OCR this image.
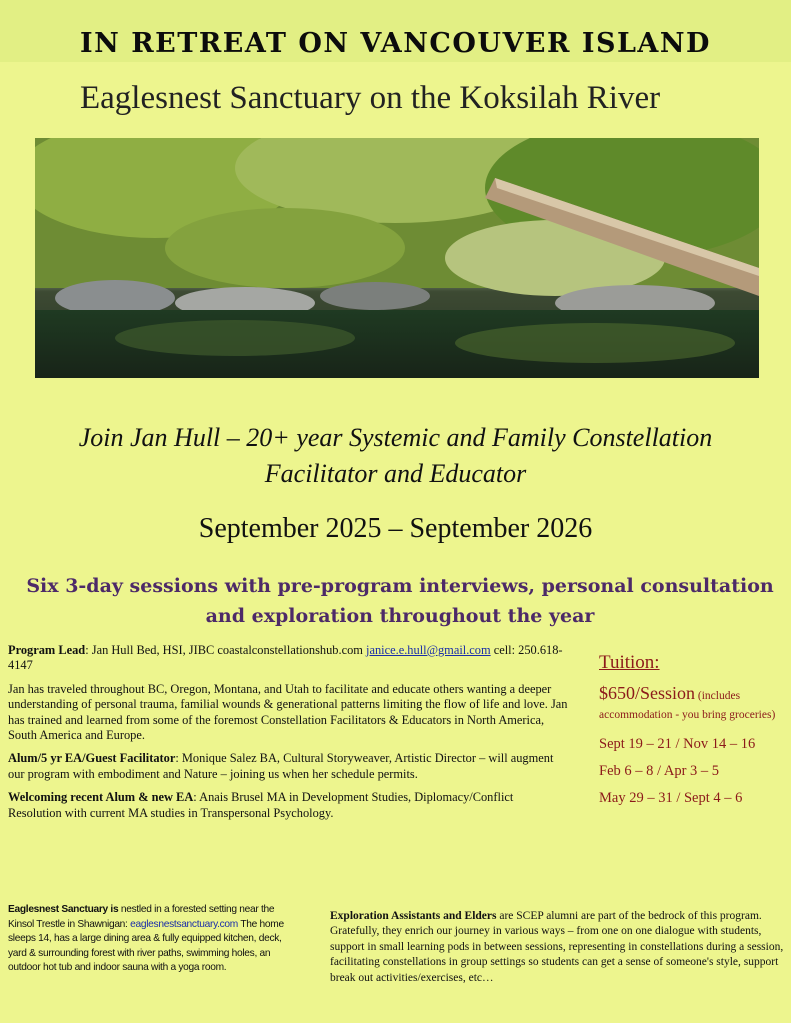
IN RETREAT ON VANCOUVER ISLAND
Eaglesnest Sanctuary on the Koksilah River
Join Jan Hull – 20+ year Systemic and Family Constellation
Facilitator and Educator
September 2025 – September 2026
Six 3-day sessions with pre-program interviews, personal consultation
and exploration throughout the year

Program Lead: Jan Hull Bed, HSI, JIBC coastalconstellationshub.com janice.e.hull@gmail.com cell: 250.618-4147

Jan has traveled throughout BC, Oregon, Montana, and Utah to facilitate and educate others wanting a deeper understanding of personal trauma, familial wounds & generational patterns limiting the flow of life and love. Jan has trained and learned from some of the foremost Constellation Facilitators & Educators in North America, South America and Europe.

Alum/5 yr EA/Guest Facilitator: Monique Salez BA, Cultural Storyweaver, Artistic Director – will augment our program with embodiment and Nature – joining us when her schedule permits.

Welcoming recent Alum & new EA: Anais Brusel MA in Development Studies, Diplomacy/Conflict Resolution with current MA studies in Transpersonal Psychology.

Tuition:
$650/Session (includes accommodation - you bring groceries)
Sept 19 – 21 / Nov 14 – 16
Feb 6 – 8 / Apr 3 – 5
May 29 – 31 / Sept 4 – 6
Eaglesnest Sanctuary is nestled in a forested setting near the Kinsol Trestle in Shawnigan: eaglesnestsanctuary.com The home sleeps 14, has a large dining area & fully equipped kitchen, deck, yard & surrounding forest with river paths, swimming holes, an outdoor hot tub and indoor sauna with a yoga room.
Exploration Assistants and Elders are SCEP alumni are part of the bedrock of this program. Gratefully, they enrich our journey in various ways – from one on one dialogue with students, support in small learning pods in between sessions, representing in constellations during a session, facilitating constellations in group settings so students can get a sense of someone's style, support break out activities/exercises, etc…
